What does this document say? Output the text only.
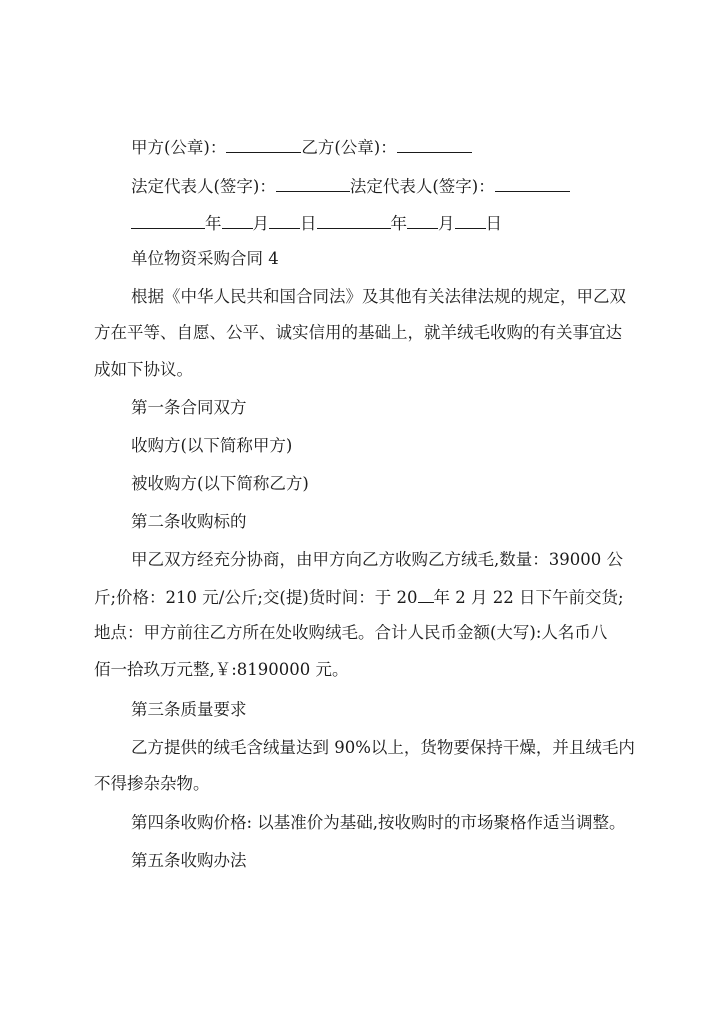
甲方(公章)：	乙方(公章)：
法定代表人(签字)：	法定代表人(签字)：
年 月 日	年 月 日
单位物资采购合同 4
根据《中华人民共和国合同法》及其他有关法律法规的规定，甲乙双
方在平等、自愿、公平、诚实信用的基础上，就羊绒毛收购的有关事宜达
成如下协议。
第一条合同双方
收购方(以下简称甲方)
被收购方(以下简称乙方)
第二条收购标的
甲乙双方经充分协商，由甲方向乙方收购乙方绒毛,数量：39000 公
斤;价格：210 元/公斤;交(提)货时间：于 20 年 2 月 22 日下午前交货;
地点：甲方前往乙方所在处收购绒毛。合计人民币金额(大写):人名币八
佰一拾玖万元整,￥:8190000 元。
第三条质量要求
乙方提供的绒毛含绒量达到 90%以上，货物要保持干燥，并且绒毛内
不得掺杂杂物。
第四条收购价格: 以基准价为基础,按收购时的市场聚格作适当调整。
第五条收购办法
